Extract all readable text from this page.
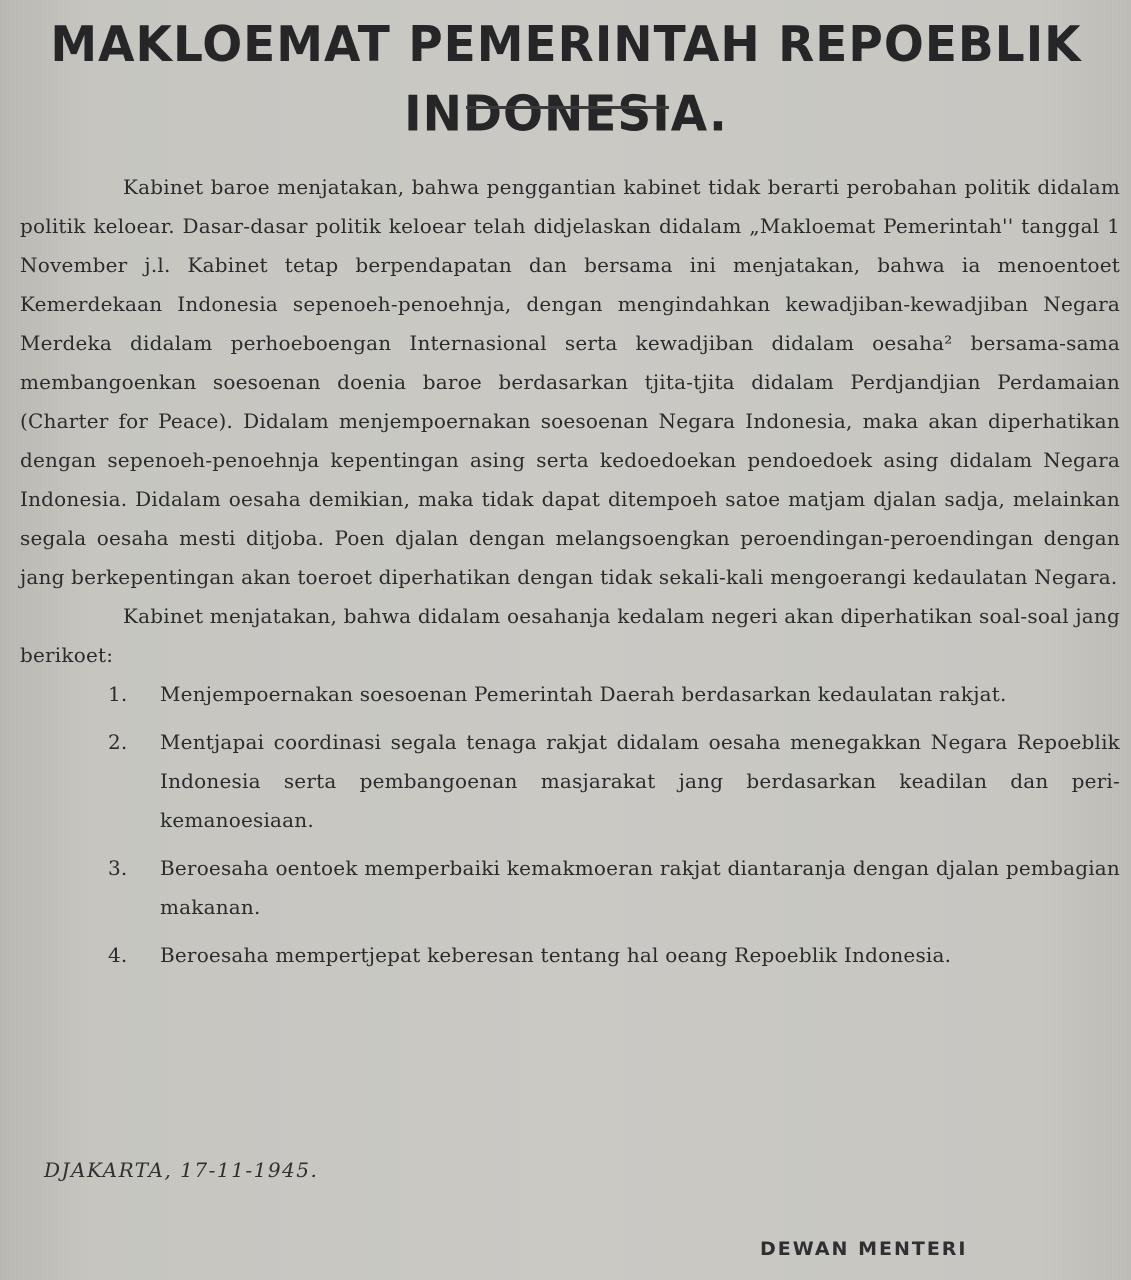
MAKLOEMAT PEMERINTAH REPOEBLIK INDONESIA.

Kabinet baroe menjatakan, bahwa penggantian kabinet tidak berarti perobahan politik didalam politik keloear. Dasar-dasar politik keloear telah didjelaskan didalam „Makloemat Pemerintah'' tanggal 1 November j.l. Kabinet tetap berpendapatan dan bersama ini menjatakan, bahwa ia menoentoet Kemerdekaan Indonesia sepenoeh-penoehnja, dengan mengindahkan kewadjiban-kewadjiban Negara Merdeka didalam perhoeboengan Internasional serta kewadjiban didalam oesaha² bersama-sama membangoenkan soesoenan doenia baroe berdasarkan tjita-tjita didalam Perdjandjian Perdamaian (Charter for Peace). Didalam menjempoernakan soesoenan Negara Indonesia, maka akan diperhatikan dengan sepenoeh-penoehnja kepentingan asing serta kedoedoekan pendoedoek asing didalam Negara Indonesia. Didalam oesaha demikian, maka tidak dapat ditempoeh satoe matjam djalan sadja, melainkan segala oesaha mesti ditjoba. Poen djalan dengan melangsoengkan peroendingan-peroendingan dengan jang berkepentingan akan toeroet diperhatikan dengan tidak sekali-kali mengoerangi kedaulatan Negara.

Kabinet menjatakan, bahwa didalam oesahanja kedalam negeri akan diperhatikan soal-soal jang berikoet:

1.	Menjempoernakan soesoenan Pemerintah Daerah berdasarkan kedaulatan rakjat.
2.	Mentjapai coordinasi segala tenaga rakjat didalam oesaha menegakkan Negara Repoeblik Indonesia serta pembangoenan masjarakat jang berdasarkan keadilan dan peri-kemanoesiaan.
3.	Beroesaha oentoek memperbaiki kemakmoeran rakjat diantaranja dengan djalan pembagian makanan.
4.	Beroesaha mempertjepat keberesan tentang hal oeang Repoeblik Indonesia.
DJAKARTA, 17-11-1945.
DEWAN MENTERI
